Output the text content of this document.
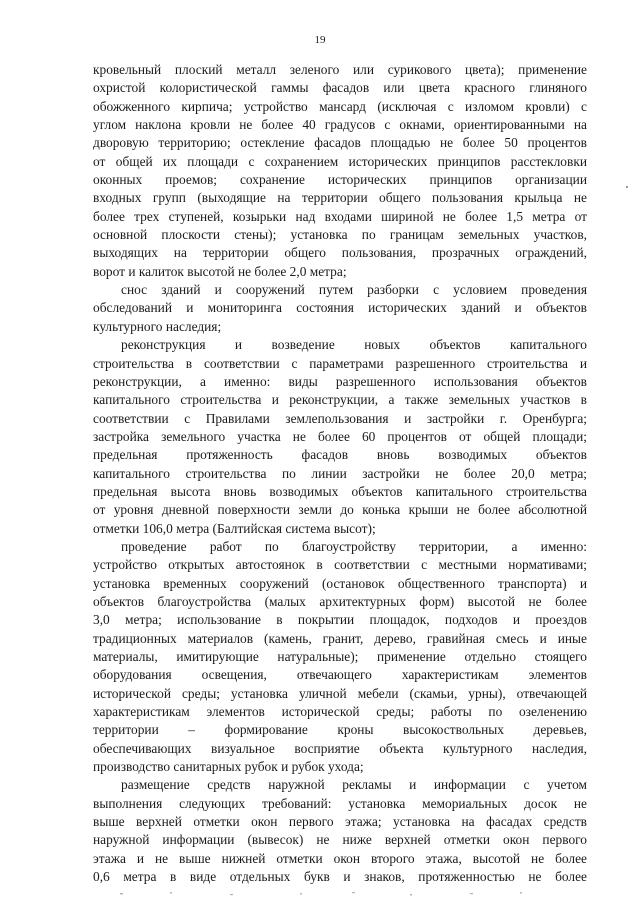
19
кровельный плоский металл зеленого или сурикового цвета); применение
охристой колористической гаммы фасадов или цвета красного глиняного
обожженного кирпича; устройство мансард (исключая с изломом кровли) с
углом наклона кровли не более 40 градусов с окнами, ориентированными на
дворовую территорию; остекление фасадов площадью не более 50 процентов
от общей их площади с сохранением исторических принципов расстекловки
оконных проемов; сохранение исторических принципов организации
входных групп (выходящие на территории общего пользования крыльца не
более трех ступеней, козырьки над входами шириной не более 1,5 метра от
основной плоскости стены); установка по границам земельных участков,
выходящих на территории общего пользования, прозрачных ограждений,
ворот и калиток высотой не более 2,0 метра;
снос зданий и сооружений путем разборки с условием проведения
обследований и мониторинга состояния исторических зданий и объектов
культурного наследия;
реконструкция и возведение новых объектов капитального
строительства в соответствии с параметрами разрешенного строительства и
реконструкции, а именно: виды разрешенного использования объектов
капитального строительства и реконструкции, а также земельных участков в
соответствии с Правилами землепользования и застройки г. Оренбурга;
застройка земельного участка не более 60 процентов от общей площади;
предельная протяженность фасадов вновь возводимых объектов
капитального строительства по линии застройки не более 20,0 метра;
предельная высота вновь возводимых объектов капитального строительства
от уровня дневной поверхности земли до конька крыши не более абсолютной
отметки 106,0 метра (Балтийская система высот);
проведение работ по благоустройству территории, а именно:
устройство открытых автостоянок в соответствии с местными нормативами;
установка временных сооружений (остановок общественного транспорта) и
объектов благоустройства (малых архитектурных форм) высотой не более
3,0 метра; использование в покрытии площадок, подходов и проездов
традиционных материалов (камень, гранит, дерево, гравийная смесь и иные
материалы, имитирующие натуральные); применение отдельно стоящего
оборудования освещения, отвечающего характеристикам элементов
исторической среды; установка уличной мебели (скамьи, урны), отвечающей
характеристикам элементов исторической среды; работы по озеленению
территории – формирование кроны высокоствольных деревьев,
обеспечивающих визуальное восприятие объекта культурного наследия,
производство санитарных рубок и рубок ухода;
размещение средств наружной рекламы и информации с учетом
выполнения следующих требований: установка мемориальных досок не
выше верхней отметки окон первого этажа; установка на фасадах средств
наружной информации (вывесок) не ниже верхней отметки окон первого
этажа и не выше нижней отметки окон второго этажа, высотой не более
0,6 метра в виде отдельных букв и знаков, протяженностью не более
